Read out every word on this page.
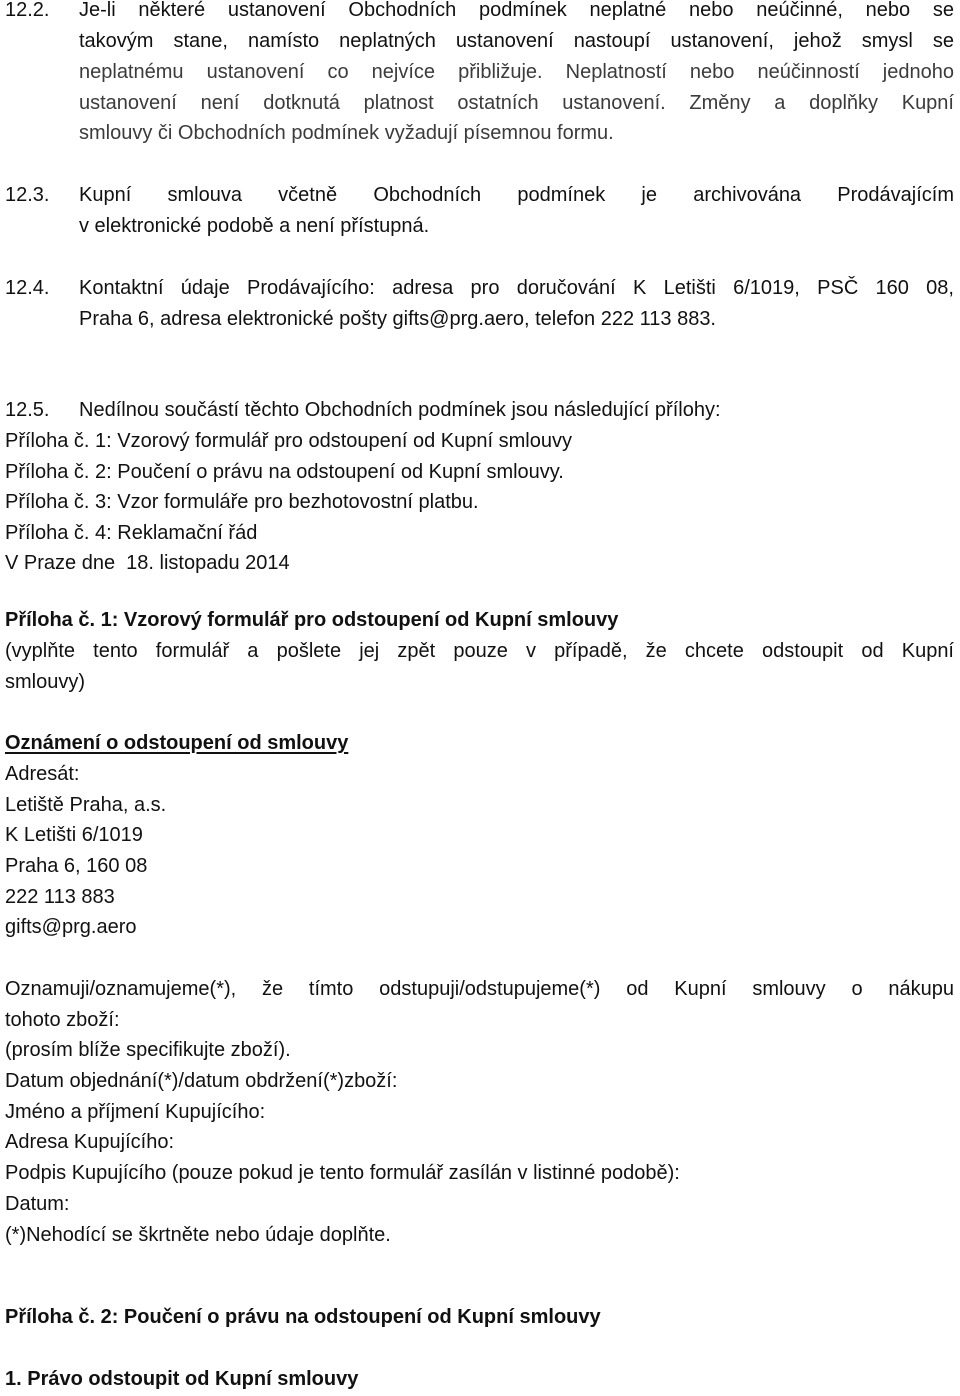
12.2. Je-li některé ustanovení Obchodních podmínek neplatné nebo neúčinné, nebo se
takovým stane, namísto neplatných ustanovení nastoupí ustanovení, jehož smysl se
neplatnému ustanovení co nejvíce přibližuje. Neplatností nebo neúčinností jednoho
ustanovení není dotknutá platnost ostatních ustanovení. Změny a doplňky Kupní
smlouvy či Obchodních podmínek vyžadují písemnou formu.
12.3. Kupní smlouva včetně Obchodních podmínek je archivována Prodávajícím
v elektronické podobě a není přístupná.
12.4. Kontaktní údaje Prodávajícího: adresa pro doručování K Letišti 6/1019, PSČ 160 08,
Praha 6, adresa elektronické pošty gifts@prg.aero, telefon 222 113 883.
12.5. Nedílnou součástí těchto Obchodních podmínek jsou následující přílohy:
Příloha č. 1: Vzorový formulář pro odstoupení od Kupní smlouvy
Příloha č. 2: Poučení o právu na odstoupení od Kupní smlouvy.
Příloha č. 3: Vzor formuláře pro bezhotovostní platbu.
Příloha č. 4: Reklamační řád
V Praze dne  18. listopadu 2014
Příloha č. 1: Vzorový formulář pro odstoupení od Kupní smlouvy
(vyplňte tento formulář a pošlete jej zpět pouze v případě, že chcete odstoupit od Kupní
smlouvy)
Oznámení o odstoupení od smlouvy
Adresát:
Letiště Praha, a.s.
K Letišti 6/1019
Praha 6, 160 08
222 113 883
gifts@prg.aero
Oznamuji/oznamujeme(*), že tímto odstupuji/odstupujeme(*) od Kupní smlouvy o nákupu
tohoto zboží:
(prosím blíže specifikujte zboží).
Datum objednání(*)/datum obdržení(*)zboží:
Jméno a příjmení Kupujícího:
Adresa Kupujícího:
Podpis Kupujícího (pouze pokud je tento formulář zasílán v listinné podobě):
Datum:
(*)Nehodící se škrtněte nebo údaje doplňte.
Příloha č. 2: Poučení o právu na odstoupení od Kupní smlouvy
1. Právo odstoupit od Kupní smlouvy
